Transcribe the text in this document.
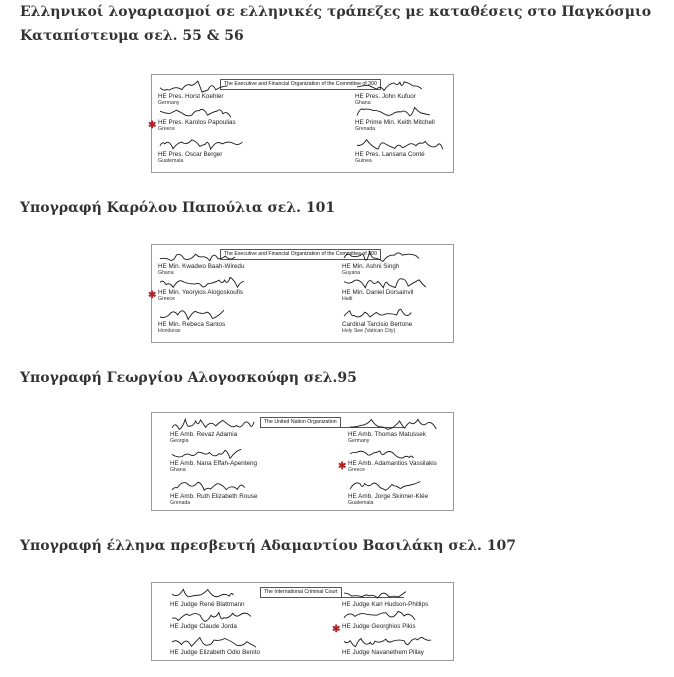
Ελληνικοί λογαριασμοί σε ελληνικές τράπεζες με καταθέσεις στο Παγκόσμιο
Καταπίστευμα σελ. 55 & 56
The Executive and Financial Organization of the Committee of 300
HE Pres. Horst Koehler
Germany
HE Pres. Karolos Papoulias
Greece
✱
HE Pres. Oscar Berger
Guatemala
HE Pres. John Kufuor
Ghana
HE Prime Min. Keith Mitchell
Grenada
HE Pres. Lansana Conté
Guinea
Υπογραφή Καρόλου Παπούλια σελ. 101
The Executive and Financial Organization of the Committee of 300
HE Min. Kwadwo Baah-Wiredu
Ghana
HE Min. Yeoryios Alogoskoufis
Greece
✱
HE Min. Rebeca Santos
Honduras
HE Min. Ashni Singh
Guyana
HE Min. Daniel Dorsainvil
Haiti
Cardinal Tarcisio Bertone
Holy See (Vatican City)
Υπογραφή Γεωργίου Αλογοσκούφη σελ.95
The United Nation Organization
HE Amb. Revaz Adamia
Georgia
HE Amb. Nana Effah-Apenteng
Ghana
HE Amb. Ruth Elizabeth Rouse
Grenada
HE Amb. Thomas Matussek
Germany
HE Amb. Adamantios Vassilakis
Greece
✱
HE Amb. Jorge Skinner-Klée
Guatemala
Υπογραφή έλληνα πρεσβευτή Αδαμαντίου Βασιλάκη σελ. 107
The International Criminal Court
HE Judge René Blattmann
HE Judge Claude Jorda
HE Judge Elizabeth Odio Benito
HE Judge Karl Hudson-Phillips
HE Judge Georghios Pikis
✱
HE Judge Navanethem Pillay
